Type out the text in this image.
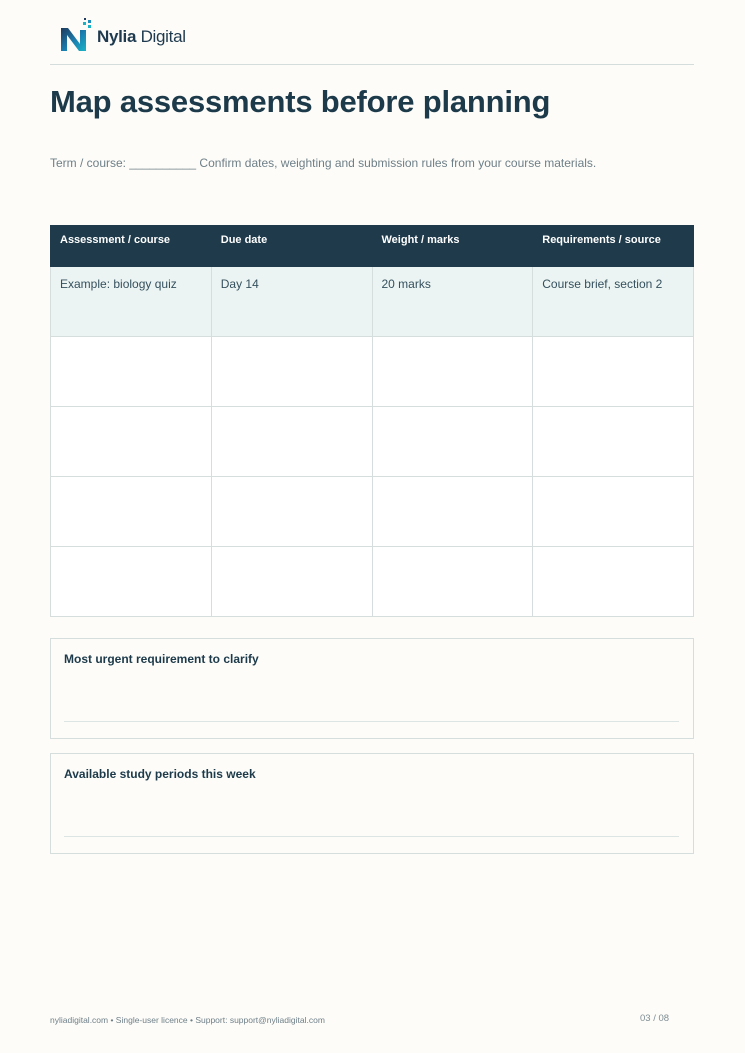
Nylia Digital
Map assessments before planning

Term / course: __________ Confirm dates, weighting and submission rules from your course materials.

Assessment / course	Due date	Weight / marks	Requirements / source
Example: biology quiz	Day 14	20 marks	Course brief, section 2

Most urgent requirement to clarify
Available study periods this week
nyliadigital.com • Single-user licence • Support: support@nyliadigital.com	03 / 08
